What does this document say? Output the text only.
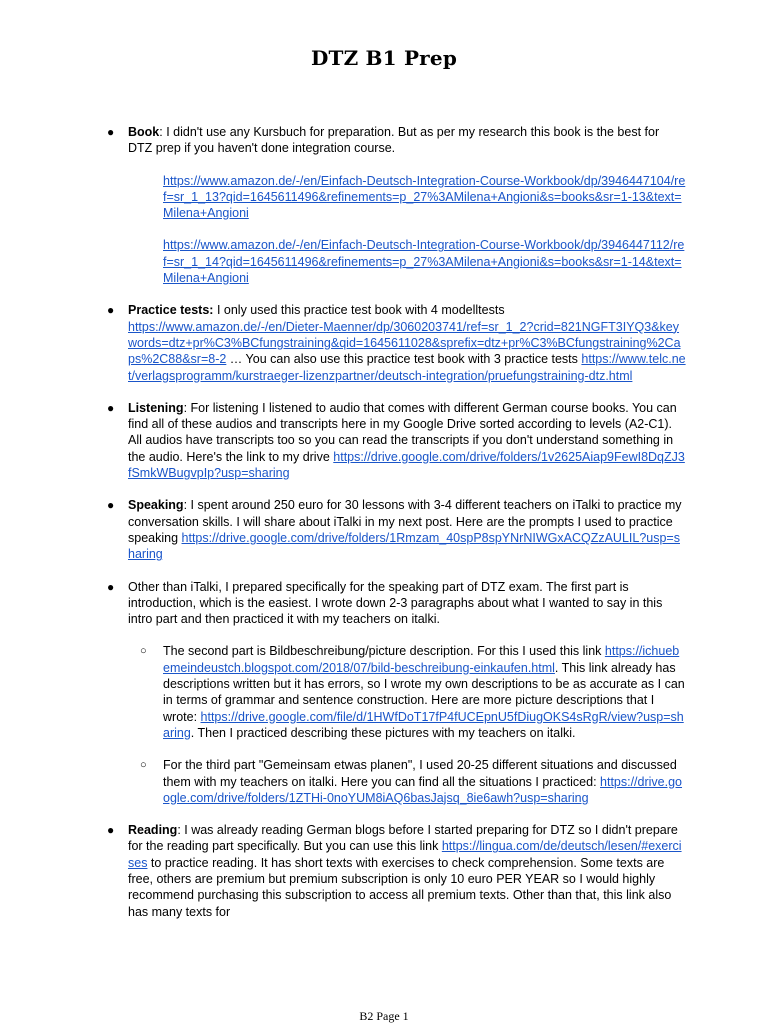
DTZ B1 Prep
● Book: I didn't use any Kursbuch for preparation. But as per my research this book is the best for DTZ prep if you haven't done integration course.
https://www.amazon.de/-/en/Einfach-Deutsch-Integration-Course-Workbook/dp/3946447104/ref=sr_1_13?qid=1645611496&refinements=p_27%3AMilena+Angioni&s=books&sr=1-13&text=Milena+Angioni
https://www.amazon.de/-/en/Einfach-Deutsch-Integration-Course-Workbook/dp/3946447112/ref=sr_1_14?qid=1645611496&refinements=p_27%3AMilena+Angioni&s=books&sr=1-14&text=Milena+Angioni
● Practice tests: I only used this practice test book with 4 modelltests
https://www.amazon.de/-/en/Dieter-Maenner/dp/3060203741/ref=sr_1_2?crid=821NGFT3IYQ3&keywords=dtz+pr%C3%BCfungstraining&qid=1645611028&sprefix=dtz+pr%C3%BCfungstraining%2Caps%2C88&sr=8-2 … You can also use this practice test book with 3 practice tests https://www.telc.net/verlagsprogramm/kurstraeger-lizenzpartner/deutsch-integration/pruefungstraining-dtz.html
● Listening: For listening I listened to audio that comes with different German course books. You can find all of these audios and transcripts here in my Google Drive sorted according to levels (A2-C1). All audios have transcripts too so you can read the transcripts if you don't understand something in the audio. Here's the link to my drive https://drive.google.com/drive/folders/1v2625Aiap9FewI8DqZJ3fSmkWBugvpIp?usp=sharing
● Speaking: I spent around 250 euro for 30 lessons with 3-4 different teachers on iTalki to practice my conversation skills. I will share about iTalki in my next post. Here are the prompts I used to practice speaking https://drive.google.com/drive/folders/1Rmzam_40spP8spYNrNIWGxACQZzAULIL?usp=sharing
● Other than iTalki, I prepared specifically for the speaking part of DTZ exam. The first part is introduction, which is the easiest. I wrote down 2-3 paragraphs about what I wanted to say in this intro part and then practiced it with my teachers on italki.
○ The second part is Bildbeschreibung/picture description. For this I used this link https://ichuebemeindeustch.blogspot.com/2018/07/bild-beschreibung-einkaufen.html. This link already has descriptions written but it has errors, so I wrote my own descriptions to be as accurate as I can in terms of grammar and sentence construction. Here are more picture descriptions that I wrote: https://drive.google.com/file/d/1HWfDoT17fP4fUCEpnU5fDiugOKS4sRgR/view?usp=sharing. Then I practiced describing these pictures with my teachers on italki.
○ For the third part "Gemeinsam etwas planen", I used 20-25 different situations and discussed them with my teachers on italki. Here you can find all the situations I practiced: https://drive.google.com/drive/folders/1ZTHi-0noYUM8iAQ6basJajsq_8ie6awh?usp=sharing
● Reading: I was already reading German blogs before I started preparing for DTZ so I didn't prepare for the reading part specifically. But you can use this link https://lingua.com/de/deutsch/lesen/#exercises to practice reading. It has short texts with exercises to check comprehension. Some texts are free, others are premium but premium subscription is only 10 euro PER YEAR so I would highly recommend purchasing this subscription to access all premium texts. Other than that, this link also has many texts for
B2 Page 1
